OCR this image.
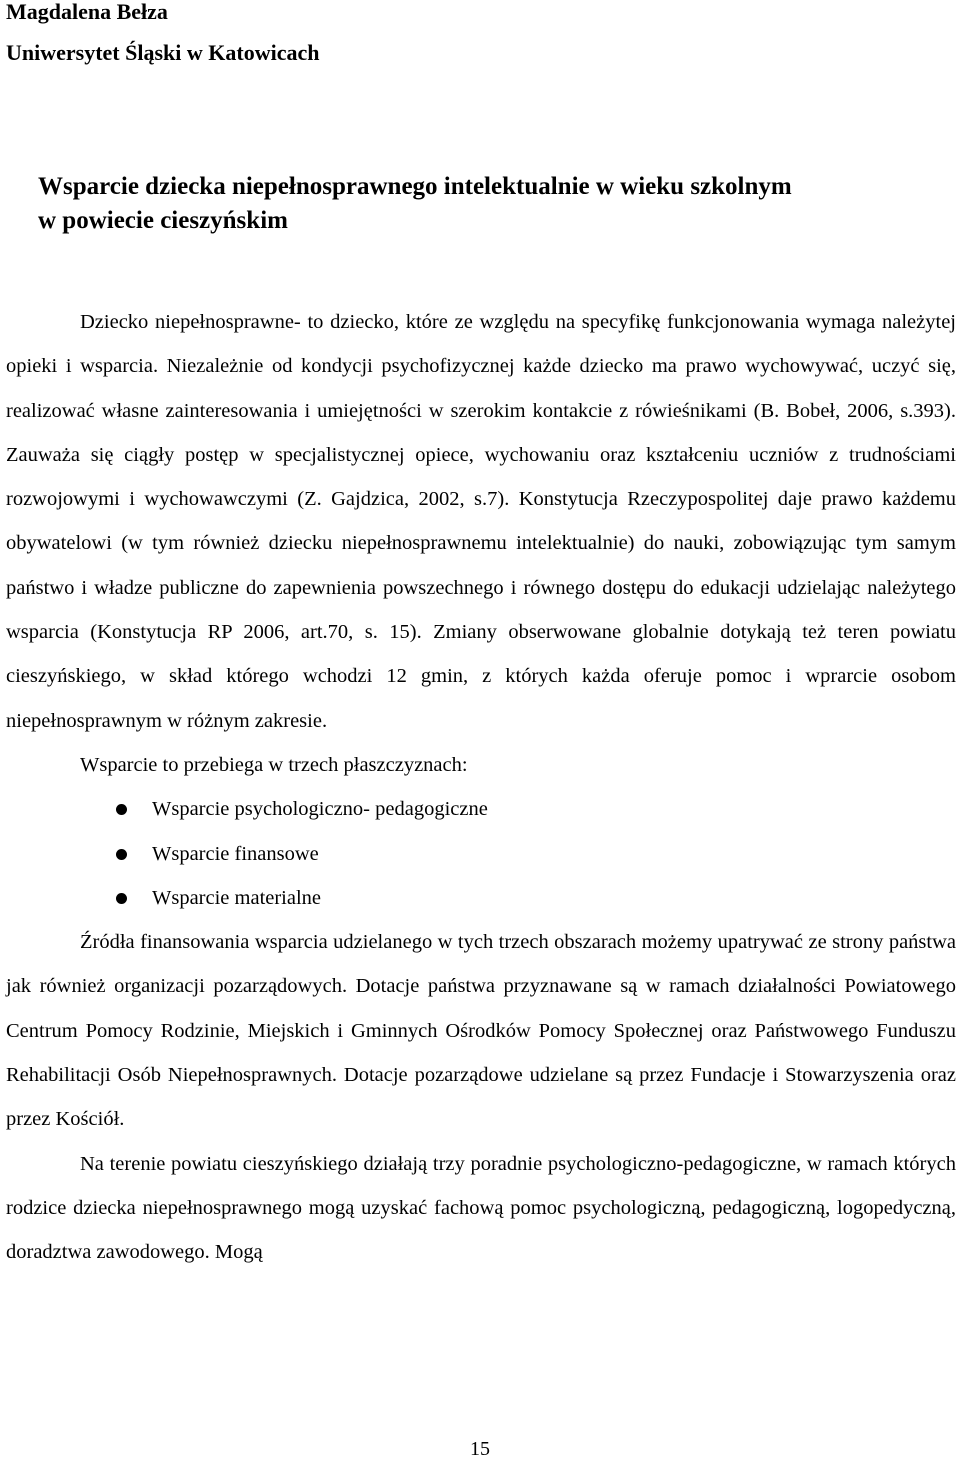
Magdalena Bełza
Uniwersytet Śląski w Katowicach
Wsparcie dziecka niepełnosprawnego intelektualnie w wieku szkolnym
w powiecie cieszyńskim

Dziecko niepełnosprawne- to dziecko, które ze względu na specyfikę funkcjonowania wymaga należytej opieki i wsparcia. Niezależnie od kondycji psychofizycznej każde dziecko ma prawo wychowywać, uczyć się, realizować własne zainteresowania i umiejętności w szerokim kontakcie z rówieśnikami (B. Bobeł, 2006, s.393). Zauważa się ciągły postęp w specjalistycznej opiece, wychowaniu oraz kształceniu uczniów z trudnościami rozwojowymi i wychowawczymi (Z. Gajdzica, 2002, s.7). Konstytucja Rzeczypospolitej daje prawo każdemu obywatelowi (w tym również dziecku niepełnosprawnemu intelektualnie) do nauki, zobowiązując tym samym państwo i władze publiczne do zapewnienia powszechnego i równego dostępu do edukacji udzielając należytego wsparcia (Konstytucja RP 2006, art.70, s. 15). Zmiany obserwowane globalnie dotykają też teren powiatu cieszyńskiego, w skład którego wchodzi 12 gmin, z których każda oferuje pomoc i wprarcie osobom niepełnosprawnym w różnym zakresie.

Wsparcie to przebiega w trzech płaszczyznach:

Wsparcie psychologiczno- pedagogiczne
Wsparcie finansowe
Wsparcie materialne

Źródła finansowania wsparcia udzielanego w tych trzech obszarach możemy upatrywać ze strony państwa jak również organizacji pozarządowych. Dotacje państwa przyznawane są w ramach działalności Powiatowego Centrum Pomocy Rodzinie, Miejskich i Gminnych Ośrodków Pomocy Społecznej oraz Państwowego Funduszu Rehabilitacji Osób Niepełnosprawnych. Dotacje pozarządowe udzielane są przez Fundacje i Stowarzyszenia oraz przez Kościół.

Na terenie powiatu cieszyńskiego działają trzy poradnie psychologiczno-pedagogiczne, w ramach których rodzice dziecka niepełnosprawnego mogą uzyskać fachową pomoc psychologiczną, pedagogiczną, logopedyczną, doradztwa zawodowego. Mogą

15
